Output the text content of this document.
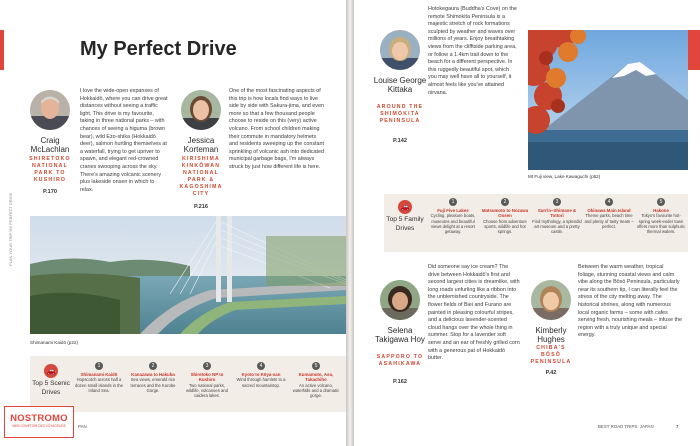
PLAN YOUR TRIP MY PERFECT DRIVE
My Perfect Drive
Craig McLachlan
SHIRETOKO NATIONAL PARK TO KUSHIRO
P.170

I love the wide-open expanses of Hokkaidō, where you can drive great distances without seeing a traffic light. This drive is my favourite, taking in three national parks – with chances of seeing a higuma (brown bear), wild Ezo-shika (Hokkaidō deer), salmon hurtling themselves at a waterfall, trying to get upriver to spawn, and elegant red-crowned cranes swooping across the sky. There's amazing volcanic scenery plus lakeside onsen in which to relax.

Jessica Korteman
KIRISHIMA KINKŌWAN NATIONAL PARK & KAGOSHIMA CITY
P.216

One of the most fascinating aspects of this trip is how locals find ways to live side by side with Sakura-jima, and even more so that a few thousand people choose to reside on this (very) active volcano. From school children making their commute in mandatory helmets and residents sweeping up the constant sprinkling of volcanic ash into dedicated municipal garbage bags, I'm always struck by just how different life is here.

Shimanami Kaidō (p22)
🚗
Top 5 Scenic Drives
1
Shimanami Kaidō
Hopscotch across half a dozen small islands in the Inland Sea.
2
Kanazawa to Hakuba
Sea views, emerald rice terraces and the Kurobe Gorge.
3
Shiretoko NP to Kushiro
Two national parks, wildlife, volcanoes and caldera lakes.
4
Kyoto to Kōya-san
Wind through hamlets to a sacred mountaintop.
5
Kumamoto, Aso, Takachiho
An active volcano, waterfalls and a dramatic gorge.
PAN
Louise George Kittaka
AROUND THE SHIMOKITA PENINSULA
P.142

Hotokegaura (Buddha's Cove) on the remote Shimokita Peninsula is a majestic stretch of rock formations sculpted by weather and waves over millions of years. Enjoy breathtaking views from the clifftside parking area, or follow a 1.4km trail down to the beach for a different perspective. In this ruggedly beautiful spot, which you may well have all to yourself, it almost feels like you've attained nirvana.

Mt Fuji view, Lake Kawaguchi (p52)
🚗
Top 5 Family Drives
1
Fuji Five Lakes
Cycling, pleasure boats, museums and beautiful views delight at a resort getaway.
2
Matsumoto to Nozawa Onsen
Choose from adventure sports, wildlife and hot springs.
3
Sun'in–Shimane & Tottori
Find mythology, a splendid art museum and a pretty castle.
4
Okinawa Main Island
Theme parks, beach time and plenty of tasty treats – perfect.
5
Hakone
Tokyo's favourite hot-spring week-ender town offers more than sulphuric thermal waters.
Selena Takigawa Hoy
SAPPORO TO ASAHIKAWA
P.162

Did someone say ice cream? The drive between Hokkaidō's first and second largest cities is dreamlike, with long roads unfurling like a ribbon into the unblemished countryside. The flower fields of Biei and Furano are painted in pleasing colourful stripes, and a delicious lavender-scented cloud hangs over the whole thing in summer. Stop for a lavender soft serve and an ear of freshly grilled corn with a generous pat of Hokkaidō butter.

Kimberly Hughes
CHIBA'S BŌSŌ PENINSULA
P.42

Between the warm weather, tropical foliage, stunning coastal views and calm vibe along the Bōsō Peninsula, particularly near its southern tip, I can literally feel the stress of the city melting away. The historical shrines, along with numerous local organic farms – some with cafes serving fresh, nourishing meals – infuse the region with a truly unique and special energy.

BEST ROAD TRIPS: JAPAN	7
NOSTROMO
WEB COMPTOIR DES VOYAGEURS
